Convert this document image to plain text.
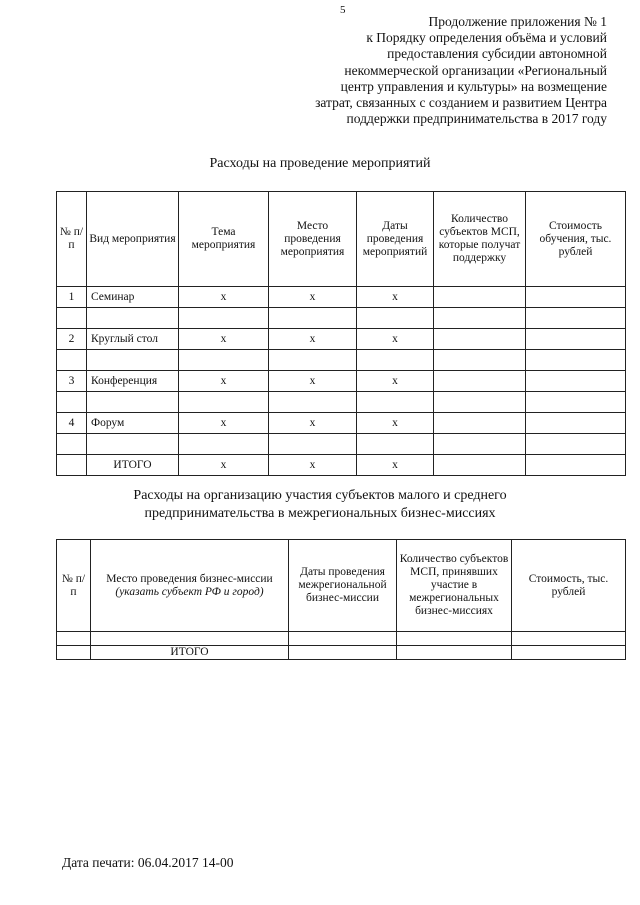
5
Продолжение приложения № 1
к Порядку определения объёма и условий
предоставления субсидии автономной
некоммерческой организации «Региональный
центр управления и культуры» на возмещение
затрат, связанных с созданием и развитием Центра
поддержки предпринимательства в 2017 году
Расходы на проведение мероприятий
№ п/п	Вид мероприятия	Тема мероприятия	Место проведения мероприятия	Даты проведения мероприятий	Количество субъектов МСП, которые получат поддержку	Стоимость обучения, тыс. рублей
1	Семинар	х	х	х		

2	Круглый стол	х	х	х		

3	Конференция	х	х	х		

4	Форум	х	х	х		

	ИТОГО	х	х	х		
Расходы на организацию участия субъектов малого и среднего
предпринимательства в межрегиональных бизнес-миссиях
№ п/п	Место проведения бизнес-миссии (указать субъект РФ и город)	Даты проведения межрегиональной бизнес-миссии	Количество субъектов МСП, принявших участие в межрегиональных бизнес-миссиях	Стоимость, тыс. рублей

	ИТОГО			
Дата печати: 06.04.2017 14-00
